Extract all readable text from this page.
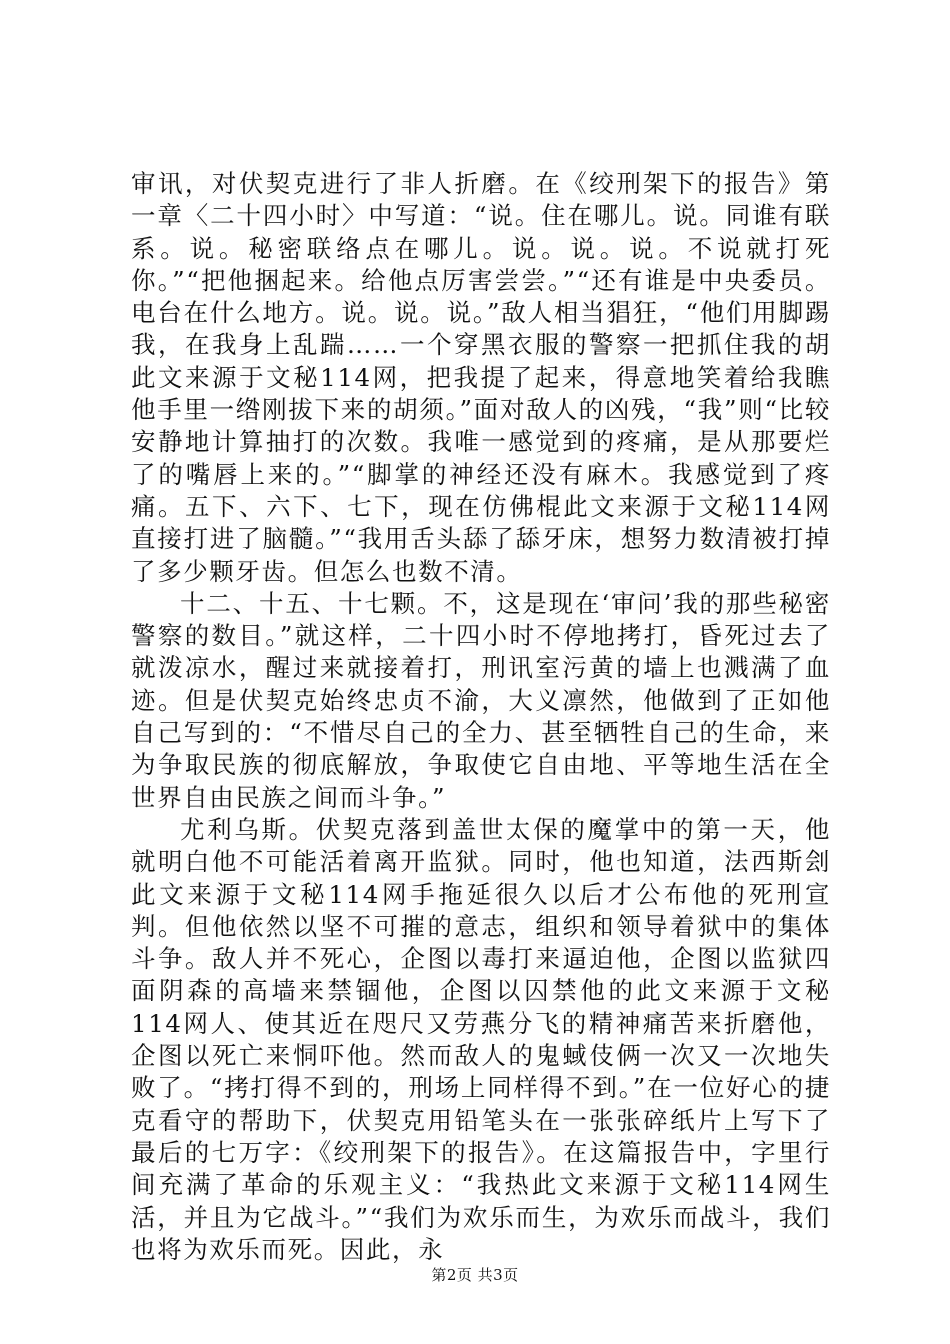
审讯，对伏契克进行了非人折磨。在《绞刑架下的报告》第一章〈二十四小时〉中写道：“说。住在哪儿。说。同谁有联系。说。秘密联络点在哪儿。说。说。说。不说就打死你。”“把他捆起来。给他点厉害尝尝。”“还有谁是中央委员。电台在什么地方。说。说。说。”敌人相当猖狂，“他们用脚踢我，在我身上乱踹……一个穿黑衣服的警察一把抓住我的胡此文来源于文秘114网，把我提了起来，得意地笑着给我瞧他手里一绺刚拔下来的胡须。”面对敌人的凶残，“我”则“比较安静地计算抽打的次数。我唯一感觉到的疼痛，是从那要烂了的嘴唇上来的。”“脚掌的神经还没有麻木。我感觉到了疼痛。五下、六下、七下，现在仿佛棍此文来源于文秘114网直接打进了脑髓。”“我用舌头舔了舔牙床，想努力数清被打掉了多少颗牙齿。但怎么也数不清。

十二、十五、十七颗。不，这是现在‘审问’我的那些秘密警察的数目。”就这样，二十四小时不停地拷打，昏死过去了就泼凉水，醒过来就接着打，刑讯室污黄的墙上也溅满了血迹。但是伏契克始终忠贞不渝，大义凛然，他做到了正如他自己写到的：“不惜尽自己的全力、甚至牺牲自己的生命，来为争取民族的彻底解放，争取使它自由地、平等地生活在全世界自由民族之间而斗争。”

尤利乌斯。伏契克落到盖世太保的魔掌中的第一天，他就明白他不可能活着离开监狱。同时，他也知道，法西斯刽此文来源于文秘114网手拖延很久以后才公布他的死刑宣判。但他依然以坚不可摧的意志，组织和领导着狱中的集体斗争。敌人并不死心，企图以毒打来逼迫他，企图以监狱四面阴森的高墙来禁锢他，企图以囚禁他的此文来源于文秘114网人、使其近在咫尺又劳燕分飞的精神痛苦来折磨他，企图以死亡来恫吓他。然而敌人的鬼蜮伎俩一次又一次地失败了。“拷打得不到的，刑场上同样得不到。”在一位好心的捷克看守的帮助下，伏契克用铅笔头在一张张碎纸片上写下了最后的七万字：《绞刑架下的报告》。在这篇报告中，字里行间充满了革命的乐观主义：“我热此文来源于文秘114网生活，并且为它战斗。”“我们为欢乐而生，为欢乐而战斗，我们也将为欢乐而死。因此，永

第2页 共3页
